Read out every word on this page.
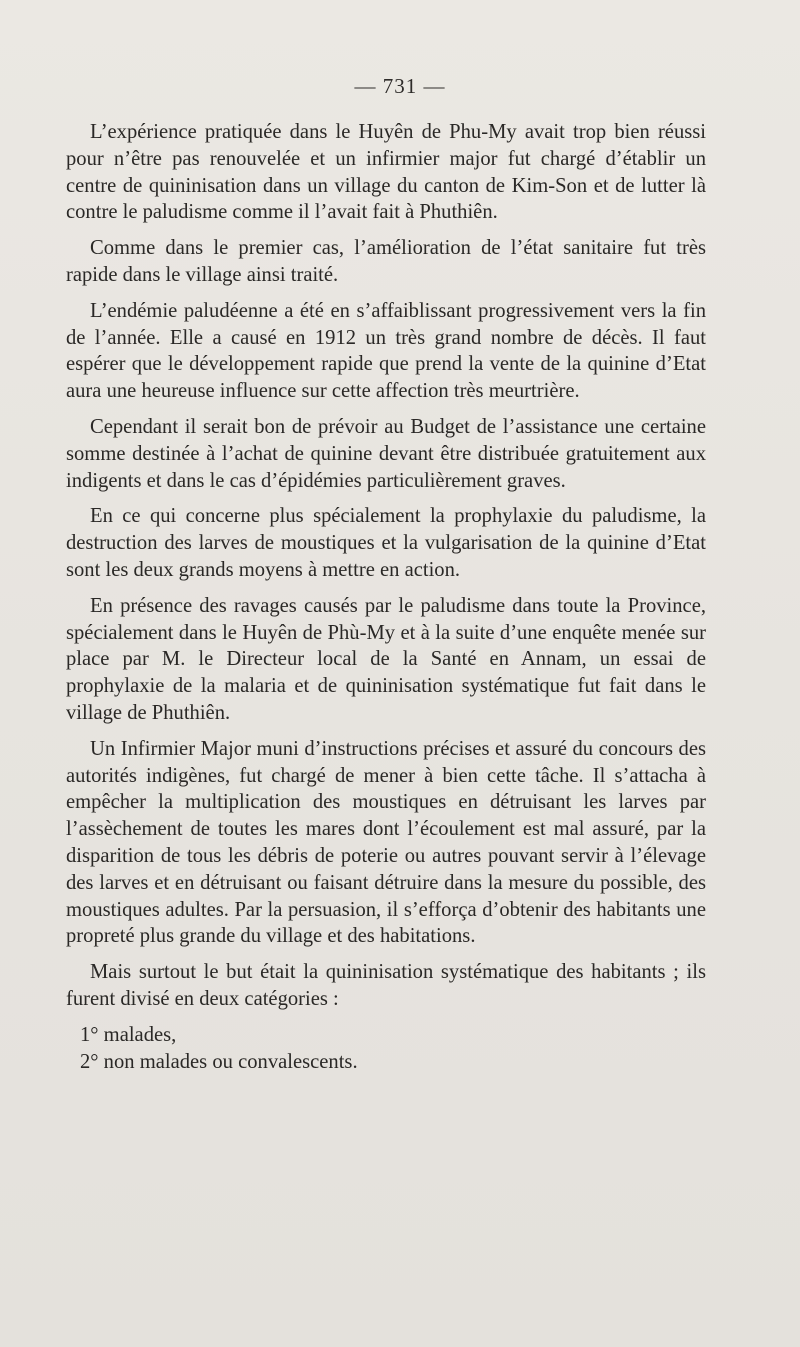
— 731 —

L’expérience pratiquée dans le Huyên de Phu-My avait trop bien réussi pour n’être pas renouvelée et un infirmier major fut chargé d’établir un centre de quininisation dans un village du canton de Kim-Son et de lutter là contre le paludisme comme il l’avait fait à Phuthiên.

Comme dans le premier cas, l’amélioration de l’état sanitaire fut très rapide dans le village ainsi traité.

L’endémie paludéenne a été en s’affaiblissant progressivement vers la fin de l’année. Elle a causé en 1912 un très grand nombre de décès. Il faut espérer que le développement rapide que prend la vente de la quinine d’Etat aura une heureuse influence sur cette affection très meurtrière.

Cependant il serait bon de prévoir au Budget de l’assistance une certaine somme destinée à l’achat de quinine devant être distribuée gratuitement aux indigents et dans le cas d’épidémies particulièrement graves.

En ce qui concerne plus spécialement la prophylaxie du paludisme, la destruction des larves de moustiques et la vulgarisation de la quinine d’Etat sont les deux grands moyens à mettre en action.

En présence des ravages causés par le paludisme dans toute la Province, spécialement dans le Huyên de Phù-My et à la suite d’une enquête menée sur place par M. le Directeur local de la Santé en Annam, un essai de prophylaxie de la malaria et de quininisation systématique fut fait dans le village de Phuthiên.

Un Infirmier Major muni d’instructions précises et assuré du concours des autorités indigènes, fut chargé de mener à bien cette tâche. Il s’attacha à empêcher la multiplication des moustiques en détruisant les larves par l’assèchement de toutes les mares dont l’écoulement est mal assuré, par la disparition de tous les débris de poterie ou autres pouvant servir à l’élevage des larves et en détruisant ou faisant détruire dans la mesure du possible, des moustiques adultes. Par la persuasion, il s’efforça d’obtenir des habitants une propreté plus grande du village et des habitations.

Mais surtout le but était la quininisation systématique des habitants ; ils furent divisé en deux catégories :

1° malades,

2° non malades ou convalescents.
